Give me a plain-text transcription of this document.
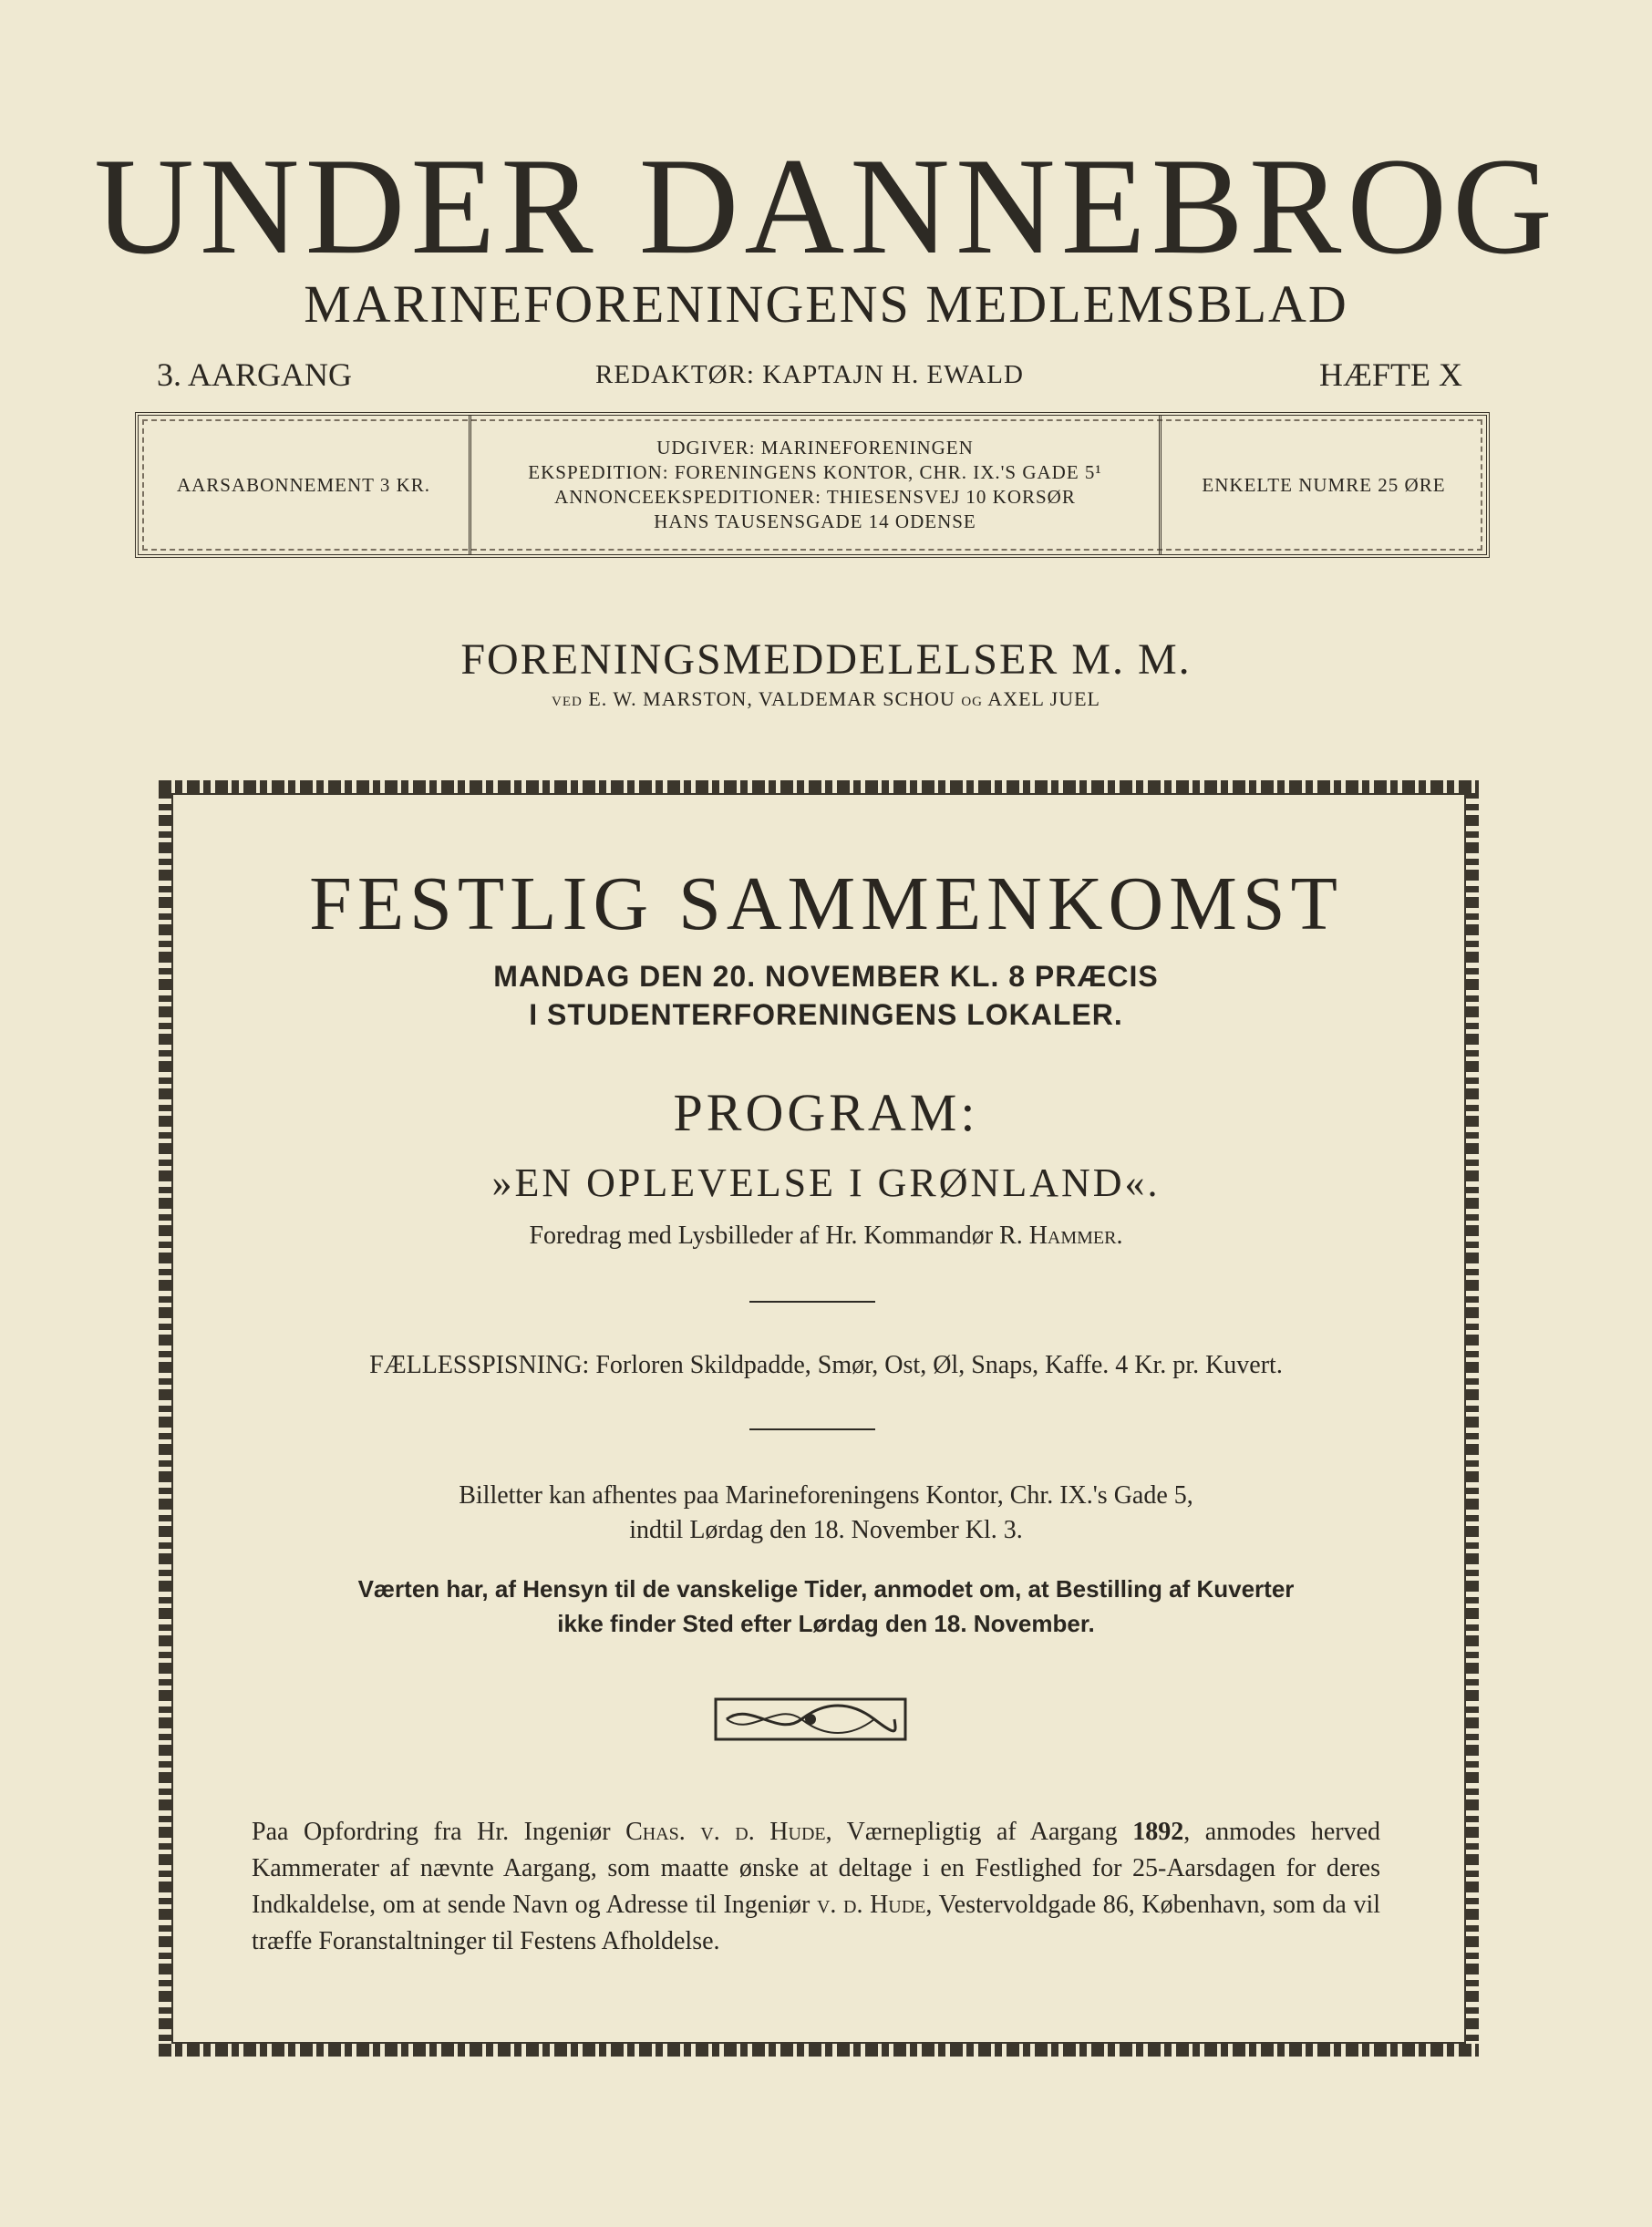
UNDER DANNEBROG
MARINEFORENINGENS MEDLEMSBLAD
3. AARGANG	REDAKTØR: KAPTAJN H. EWALD	HÆFTE X
AARSABONNEMENT 3 KR.
UDGIVER: MARINEFORENINGEN
EKSPEDITION: FORENINGENS KONTOR, CHR. IX.'S GADE 5¹
ANNONCEEKSPEDITIONER: THIESENSVEJ 10 KORSØR
HANS TAUSENSGADE 14 ODENSE
ENKELTE NUMRE 25 ØRE
FORENINGSMEDDELELSER M. M.
VED E. W. MARSTON, VALDEMAR SCHOU OG AXEL JUEL
FESTLIG SAMMENKOMST
MANDAG DEN 20. NOVEMBER KL. 8 PRÆCIS
I STUDENTERFORENINGENS LOKALER.
PROGRAM:
»EN OPLEVELSE I GRØNLAND«.
Foredrag med Lysbilleder af Hr. Kommandør R. Hammer.
FÆLLESSPISNING: Forloren Skildpadde, Smør, Ost, Øl, Snaps, Kaffe. 4 Kr. pr. Kuvert.
Billetter kan afhentes paa Marineforeningens Kontor, Chr. IX.'s Gade 5,
indtil Lørdag den 18. November Kl. 3.
Værten har, af Hensyn til de vanskelige Tider, anmodet om, at Bestilling af Kuverter
ikke finder Sted efter Lørdag den 18. November.

Paa Opfordring fra Hr. Ingeniør Chas. v. d. Hude, Værnepligtig af Aargang 1892, anmodes herved Kammerater af nævnte Aargang, som maatte ønske at deltage i en Festlighed for 25-Aarsdagen for deres Indkaldelse, om at sende Navn og Adresse til Ingeniør v. d. Hude, Vestervoldgade 86, København, som da vil træffe Foranstaltninger til Festens Afholdelse.
